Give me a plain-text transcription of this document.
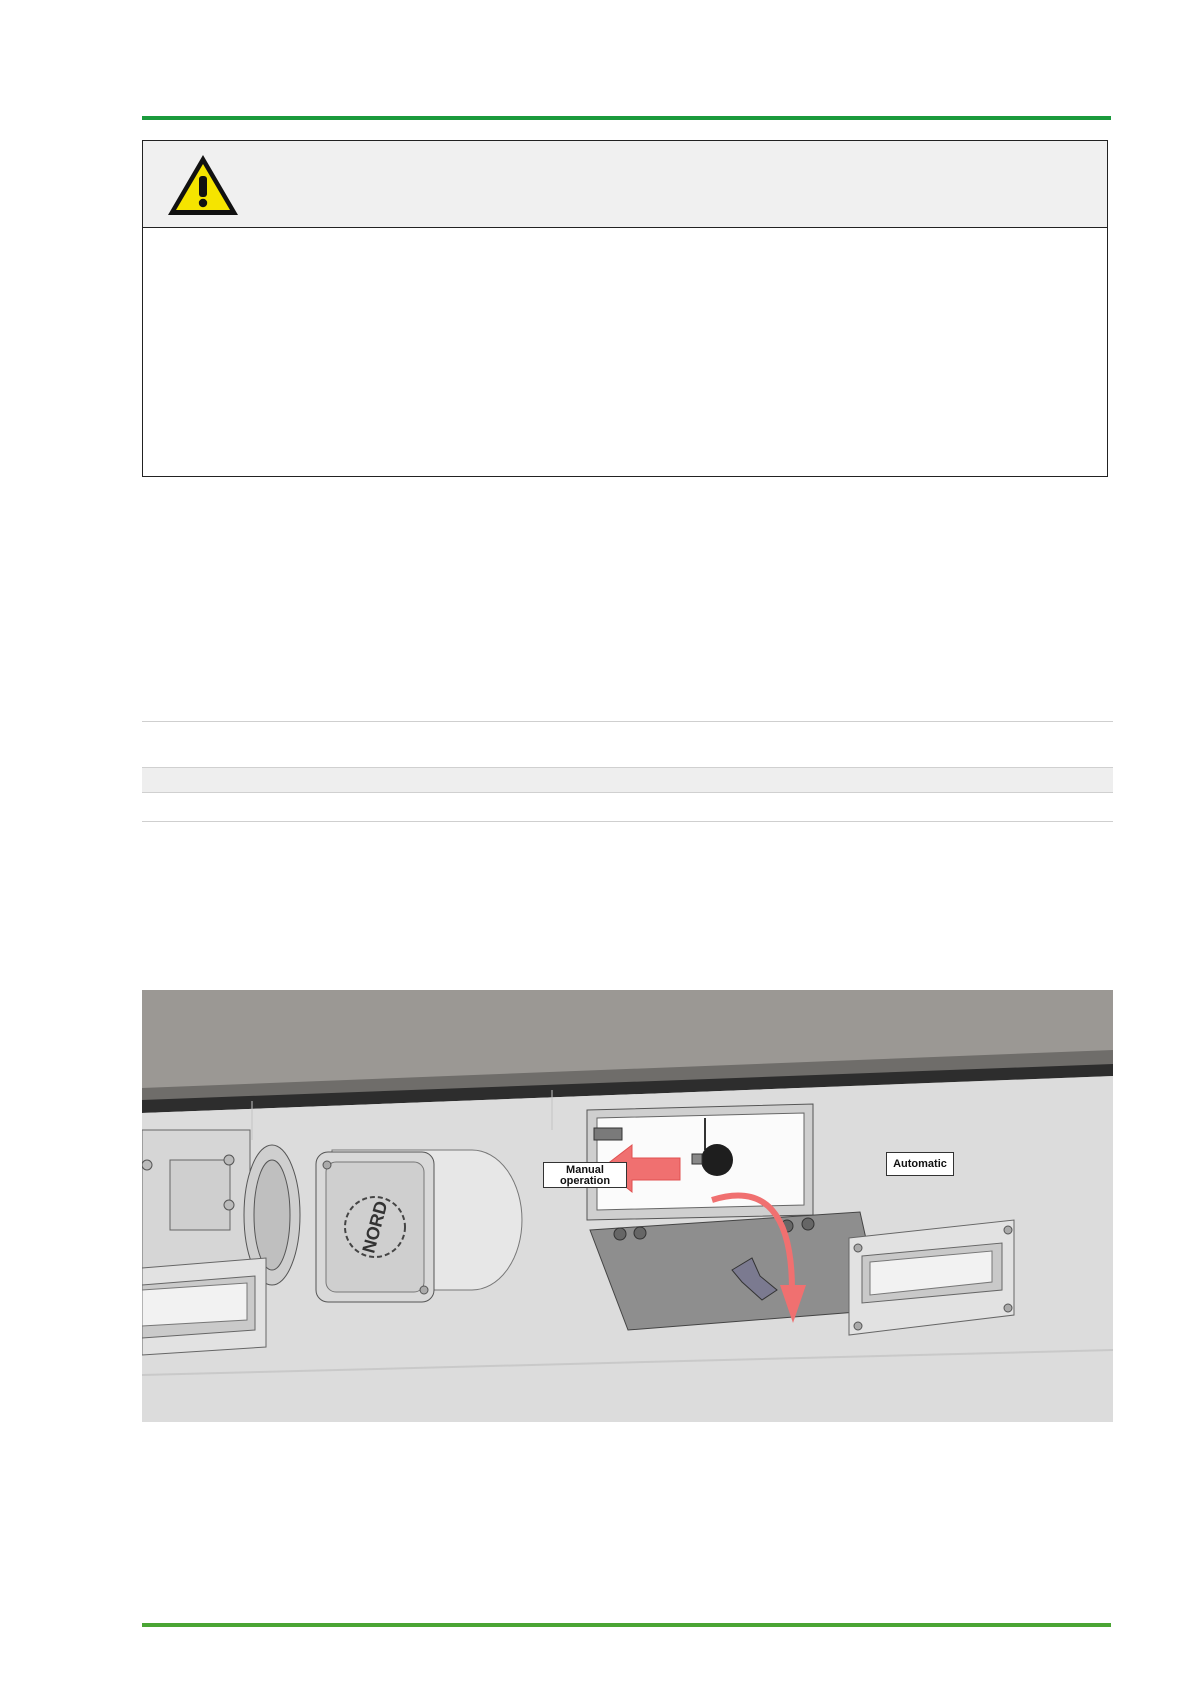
NORD
Manual
operation
Automatic
